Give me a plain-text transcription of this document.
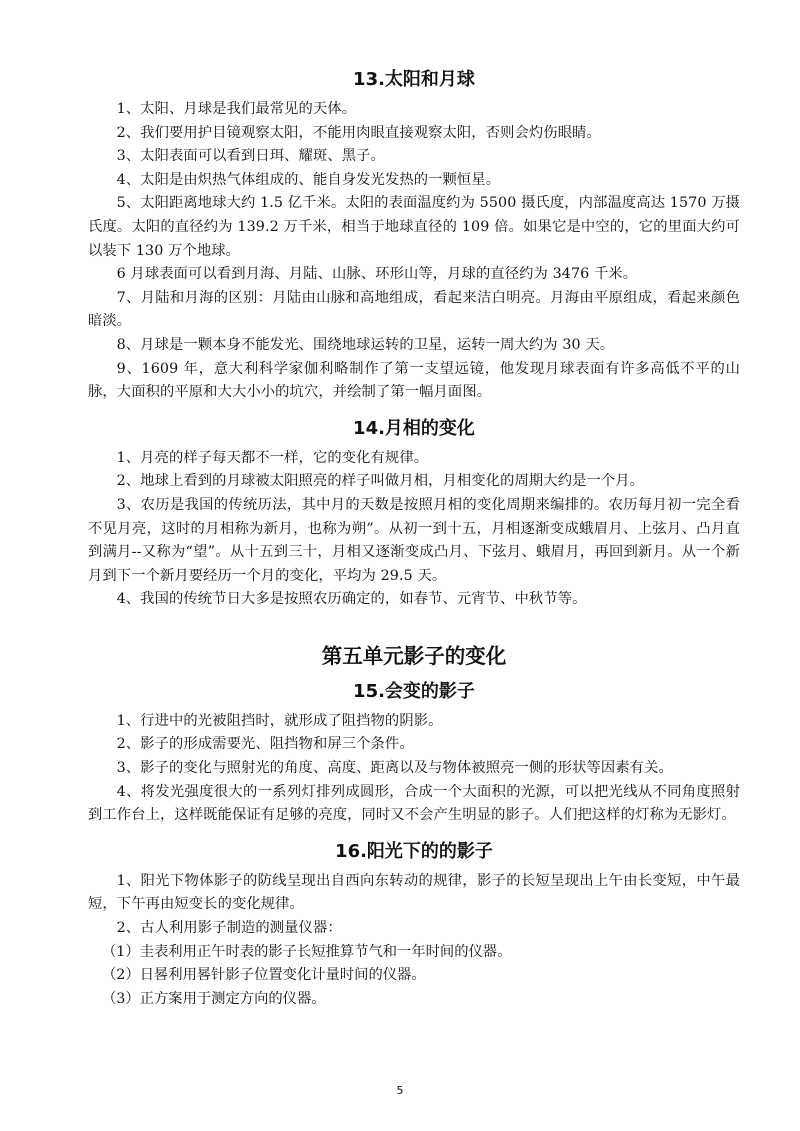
13.太阳和月球

1、太阳、月球是我们最常见的天体。

2、我们要用护目镜观察太阳，不能用肉眼直接观察太阳，否则会灼伤眼睛。

3、太阳表面可以看到日珥、耀斑、黑子。

4、太阳是由炽热气体组成的、能自身发光发热的一颗恒星。

5、太阳距离地球大约 1.5 亿千米。太阳的表面温度约为 5500 摄氏度，内部温度高达 1570 万摄氏度。太阳的直径约为 139.2 万千米，相当于地球直径的 109 倍。如果它是中空的，它的里面大约可以装下 130 万个地球。

6 月球表面可以看到月海、月陆、山脉、环形山等，月球的直径约为 3476 千米。

7、月陆和月海的区别：月陆由山脉和高地组成，看起来洁白明亮。月海由平原组成，看起来颜色暗淡。

8、月球是一颗本身不能发光、围绕地球运转的卫星，运转一周大约为 30 天。

9、1609 年，意大利科学家伽利略制作了第一支望远镜，他发现月球表面有许多高低不平的山脉，大面积的平原和大大小小的坑穴，并绘制了第一幅月面图。

14.月相的变化

1、月亮的样子每天都不一样，它的变化有规律。

2、地球上看到的月球被太阳照亮的样子叫做月相，月相变化的周期大约是一个月。

3、农历是我国的传统历法，其中月的天数是按照月相的变化周期来编排的。农历每月初一完全看不见月亮，这时的月相称为新月，也称为朔”。从初一到十五，月相逐渐变成蛾眉月、上弦月、凸月直到满月--又称为“望”。从十五到三十，月相又逐渐变成凸月、下弦月、蛾眉月，再回到新月。从一个新月到下一个新月要经历一个月的变化，平均为 29.5 天。

4、我国的传统节日大多是按照农历确定的，如春节、元宵节、中秋节等。

第五单元影子的变化
15.会变的影子

1、行进中的光被阻挡时，就形成了阻挡物的阴影。

2、影子的形成需要光、阻挡物和屏三个条件。

3、影子的变化与照射光的角度、高度、距离以及与物体被照亮一侧的形状等因素有关。

4、将发光强度很大的一系列灯排列成圆形，合成一个大面积的光源，可以把光线从不同角度照射到工作台上，这样既能保证有足够的亮度，同时又不会产生明显的影子。人们把这样的灯称为无影灯。

16.阳光下的的影子

1、阳光下物体影子的防线呈现出自西向东转动的规律，影子的长短呈现出上午由长变短，中午最短，下午再由短变长的变化规律。

2、古人利用影子制造的测量仪器：

（1）圭表利用正午时表的影子长短推算节气和一年时间的仪器。

（2）日晷利用晷针影子位置变化计量时间的仪器。

（3）正方案用于测定方向的仪器。

5
